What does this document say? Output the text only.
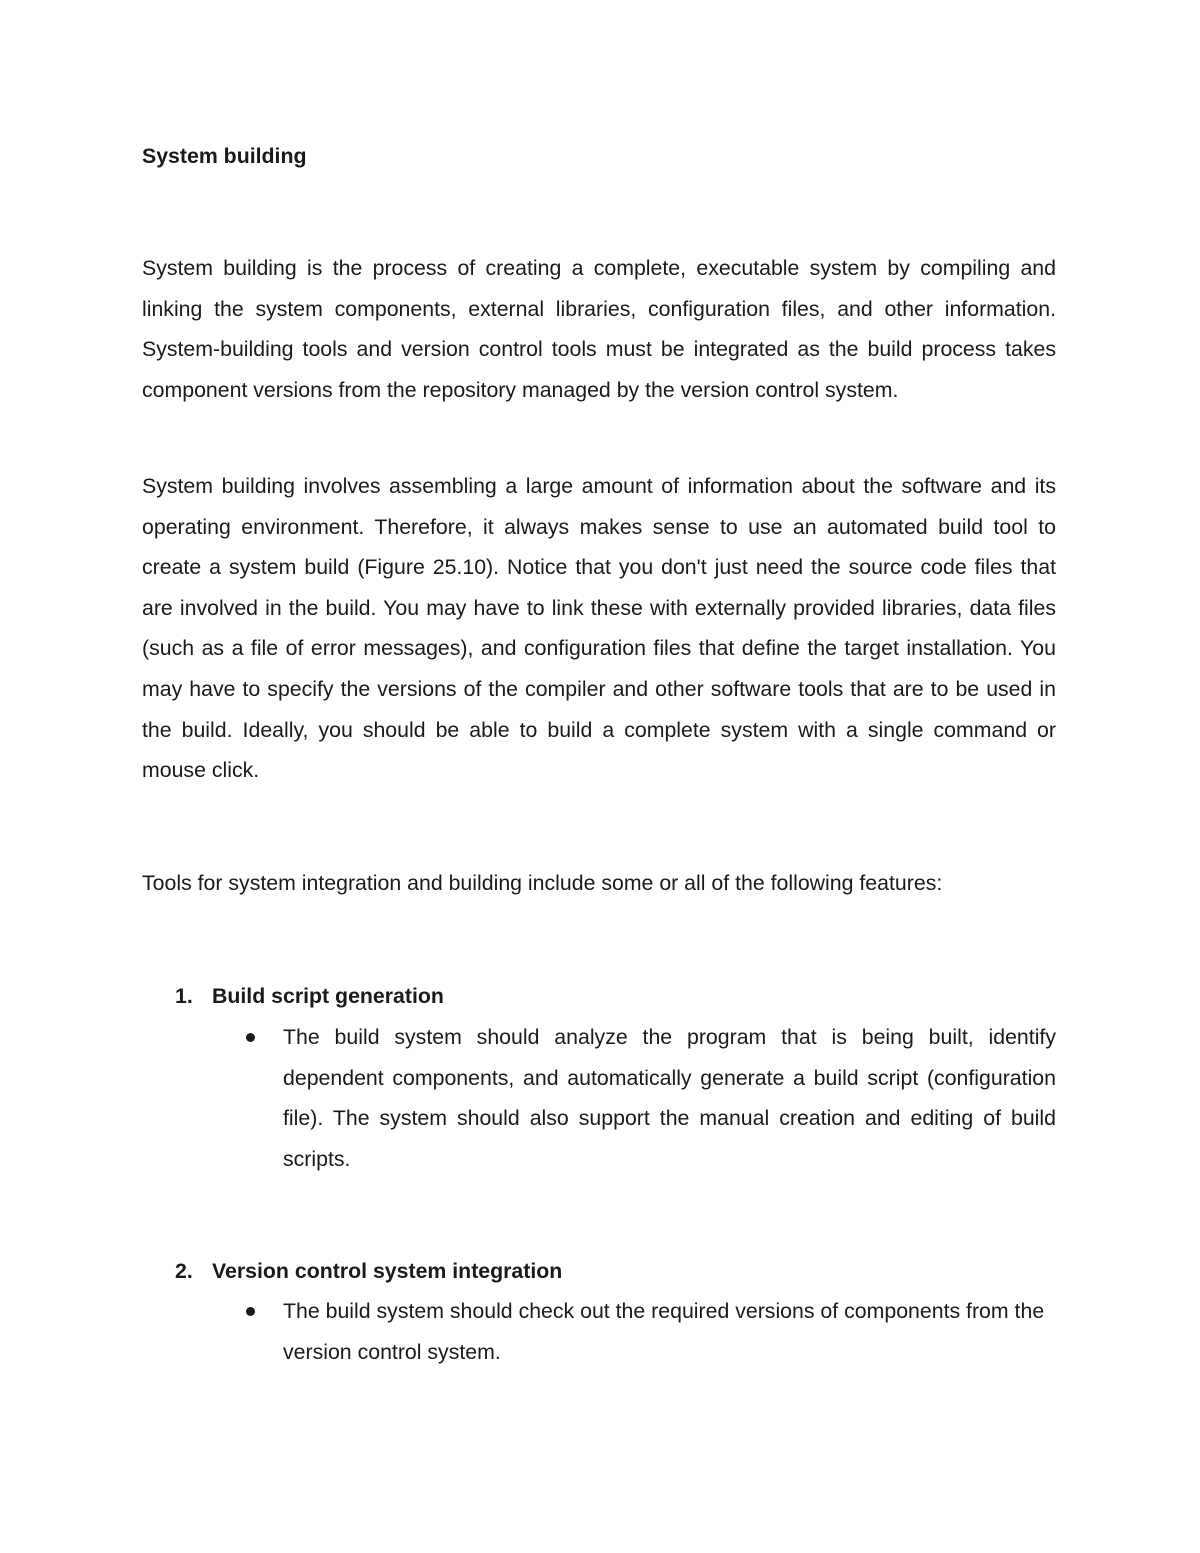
System building

System building is the process of creating a complete, executable system by compiling and linking the system components, external libraries, configuration files, and other information. System-building tools and version control tools must be integrated as the build process takes component versions from the repository managed by the version control system.

System building involves assembling a large amount of information about the software and its operating environment. Therefore, it always makes sense to use an automated build tool to create a system build (Figure 25.10). Notice that you don't just need the source code files that are involved in the build. You may have to link these with externally provided libraries, data files (such as a file of error messages), and configuration files that define the target installation. You may have to specify the versions of the compiler and other software tools that are to be used in the build. Ideally, you should be able to build a complete system with a single command or mouse click.

Tools for system integration and building include some or all of the following features:

1. Build script generation

The build system should analyze the program that is being built, identify dependent components, and automatically generate a build script (configuration file). The system should also support the manual creation and editing of build scripts.

2. Version control system integration

The build system should check out the required versions of components from the version control system.
